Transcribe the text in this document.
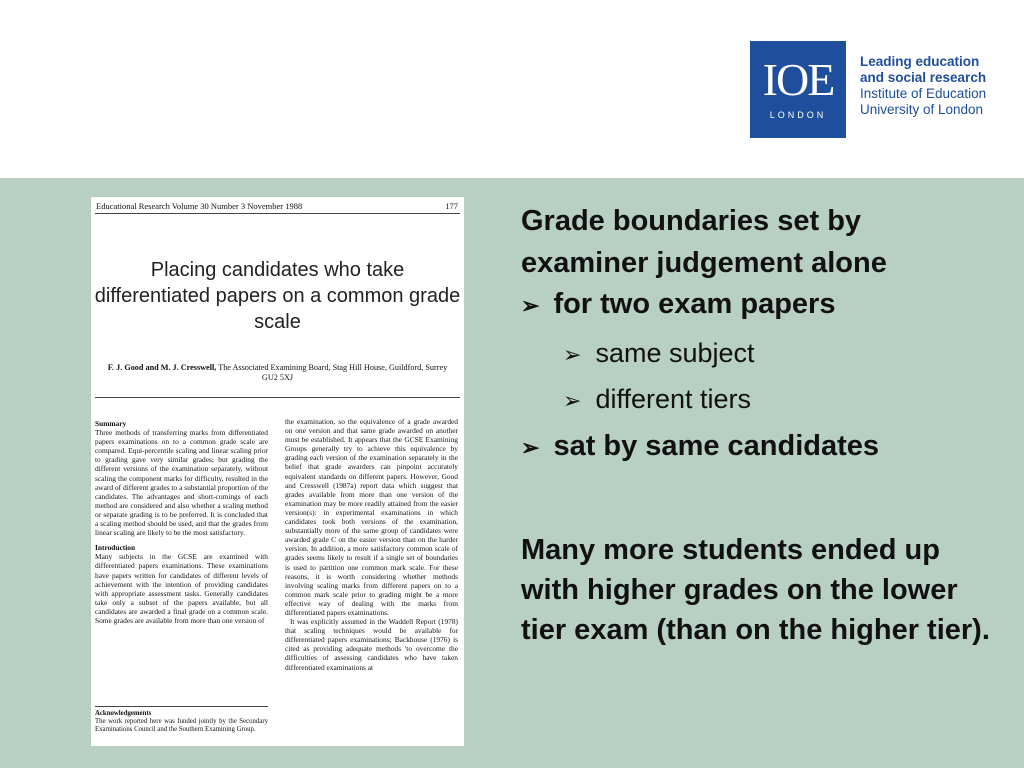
IOE
LONDON
Leading education
and social research
Institute of Education
University of London
Educational Research Volume 30 Number 3 November 1988	177
Placing candidates who take differentiated papers on a common grade scale
F. J. Good and M. J. Cresswell, The Associated Examining Board, Stag Hill House, Guildford, Surrey GU2 5XJ
Summary
Three methods of transferring marks from differentiated papers examinations on to a common grade scale are compared. Equi-percentile scaling and linear scaling prior to grading gave very similar grades; but grading the different versions of the examination separately, without scaling the component marks for difficulty, resulted in the award of different grades to a substantial proportion of the candidates. The advantages and short-comings of each method are considered and also whether a scaling method or separate grading is to be preferred. It is concluded that a scaling method should be used, and that the grades from linear scaling are likely to be the most satisfactory.
Introduction
Many subjects in the GCSE are examined with differentiated papers examinations. These examinations have papers written for candidates of different levels of achievement with the intention of providing candidates with appropriate assessment tasks. Generally candidates take only a subset of the papers available, but all candidates are awarded a final grade on a common scale. Some grades are available from more than one version of
Acknowledgements
The work reported here was funded jointly by the Secondary Examinations Council and the Southern Examining Group.
the examination, so the equivalence of a grade awarded on one version and that same grade awarded on another must be established. It appears that the GCSE Examining Groups generally try to achieve this equivalence by grading each version of the examination separately in the belief that grade awarders can pinpoint accurately equivalent standards on different papers. However, Good and Cresswell (1987a) report data which suggest that grades available from more than one version of the examination may be more readily attained from the easier version(s): in experimental examinations in which candidates took both versions of the examination, substantially more of the same group of candidates were awarded grade C on the easier version than on the harder version. In addition, a more satisfactory common scale of grades seems likely to result if a single set of boundaries is used to partition one common mark scale. For these reasons, it is worth considering whether methods involving scaling marks from different papers on to a common mark scale prior to grading might be a more effective way of dealing with the marks from differentiated papers examinations.
It was explicitly assumed in the Waddell Report (1978) that scaling techniques would be available for differentiated papers examinations; Backhouse (1976) is cited as providing adequate methods 'to overcome the difficulties of assessing candidates who have taken differentiated examinations at
Grade boundaries set by examiner judgement alone
➢ for two exam papers
➢ same subject
➢ different tiers
➢ sat by same candidates
Many more students ended up with higher grades on the lower tier exam (than on the higher tier).
